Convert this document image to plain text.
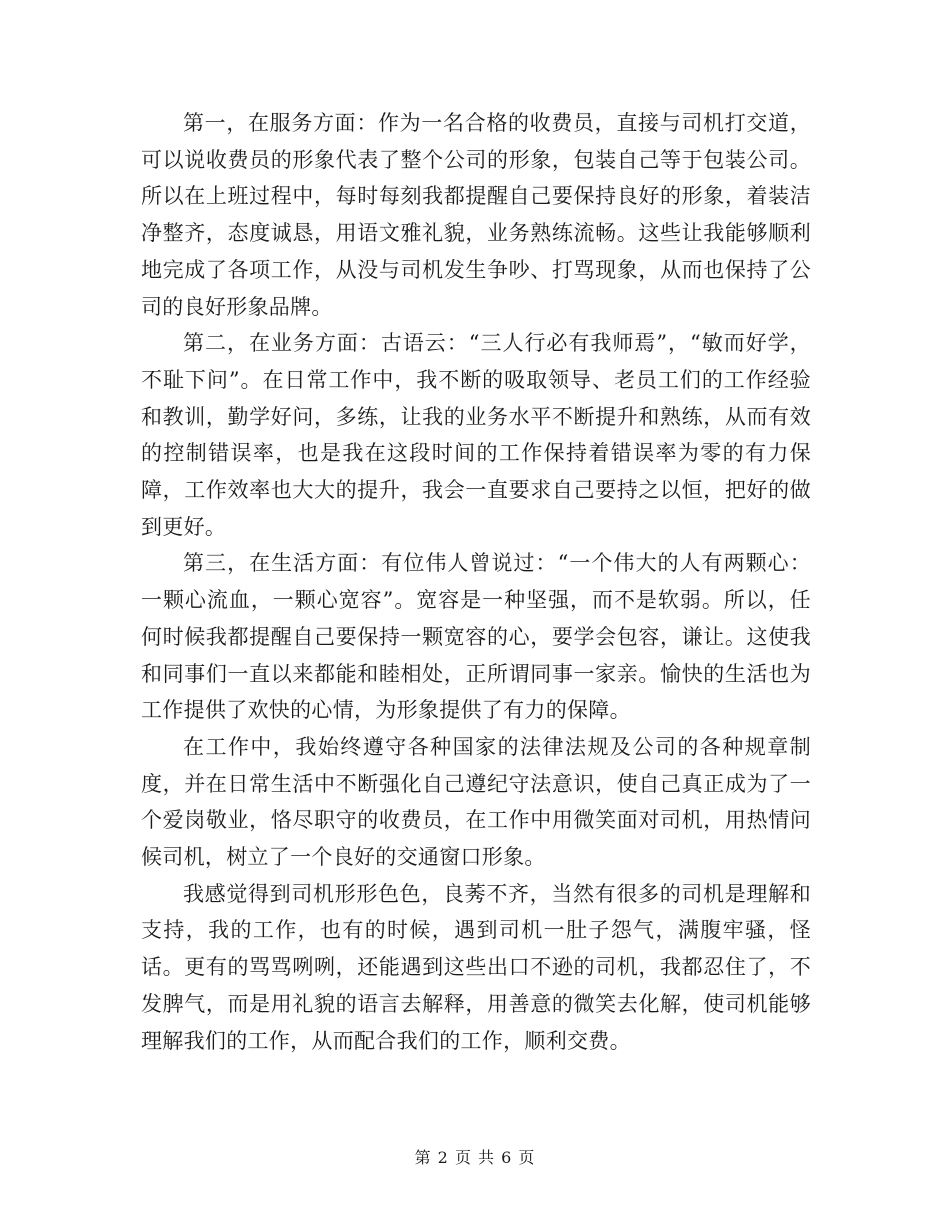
第一，在服务方面：作为一名合格的收费员，直接与司机打交道，可以说收费员的形象代表了整个公司的形象，包装自己等于包装公司。所以在上班过程中，每时每刻我都提醒自己要保持良好的形象，着装洁净整齐，态度诚恳，用语文雅礼貌，业务熟练流畅。这些让我能够顺利地完成了各项工作，从没与司机发生争吵、打骂现象，从而也保持了公司的良好形象品牌。

第二，在业务方面：古语云：“三人行必有我师焉”，“敏而好学，不耻下问”。在日常工作中，我不断的吸取领导、老员工们的工作经验和教训，勤学好问，多练，让我的业务水平不断提升和熟练，从而有效的控制错误率，也是我在这段时间的工作保持着错误率为零的有力保障，工作效率也大大的提升，我会一直要求自己要持之以恒，把好的做到更好。

第三，在生活方面：有位伟人曾说过：“一个伟大的人有两颗心：一颗心流血，一颗心宽容”。宽容是一种坚强，而不是软弱。所以，任何时候我都提醒自己要保持一颗宽容的心，要学会包容，谦让。这使我和同事们一直以来都能和睦相处，正所谓同事一家亲。愉快的生活也为工作提供了欢快的心情，为形象提供了有力的保障。

在工作中，我始终遵守各种国家的法律法规及公司的各种规章制度，并在日常生活中不断强化自己遵纪守法意识，使自己真正成为了一个爱岗敬业，恪尽职守的收费员，在工作中用微笑面对司机，用热情问候司机，树立了一个良好的交通窗口形象。

我感觉得到司机形形色色，良莠不齐，当然有很多的司机是理解和支持，我的工作，也有的时候，遇到司机一肚子怨气，满腹牢骚，怪话。更有的骂骂咧咧，还能遇到这些出口不逊的司机，我都忍住了，不发脾气，而是用礼貌的语言去解释，用善意的微笑去化解，使司机能够理解我们的工作，从而配合我们的工作，顺利交费。

第 2 页 共 6 页
